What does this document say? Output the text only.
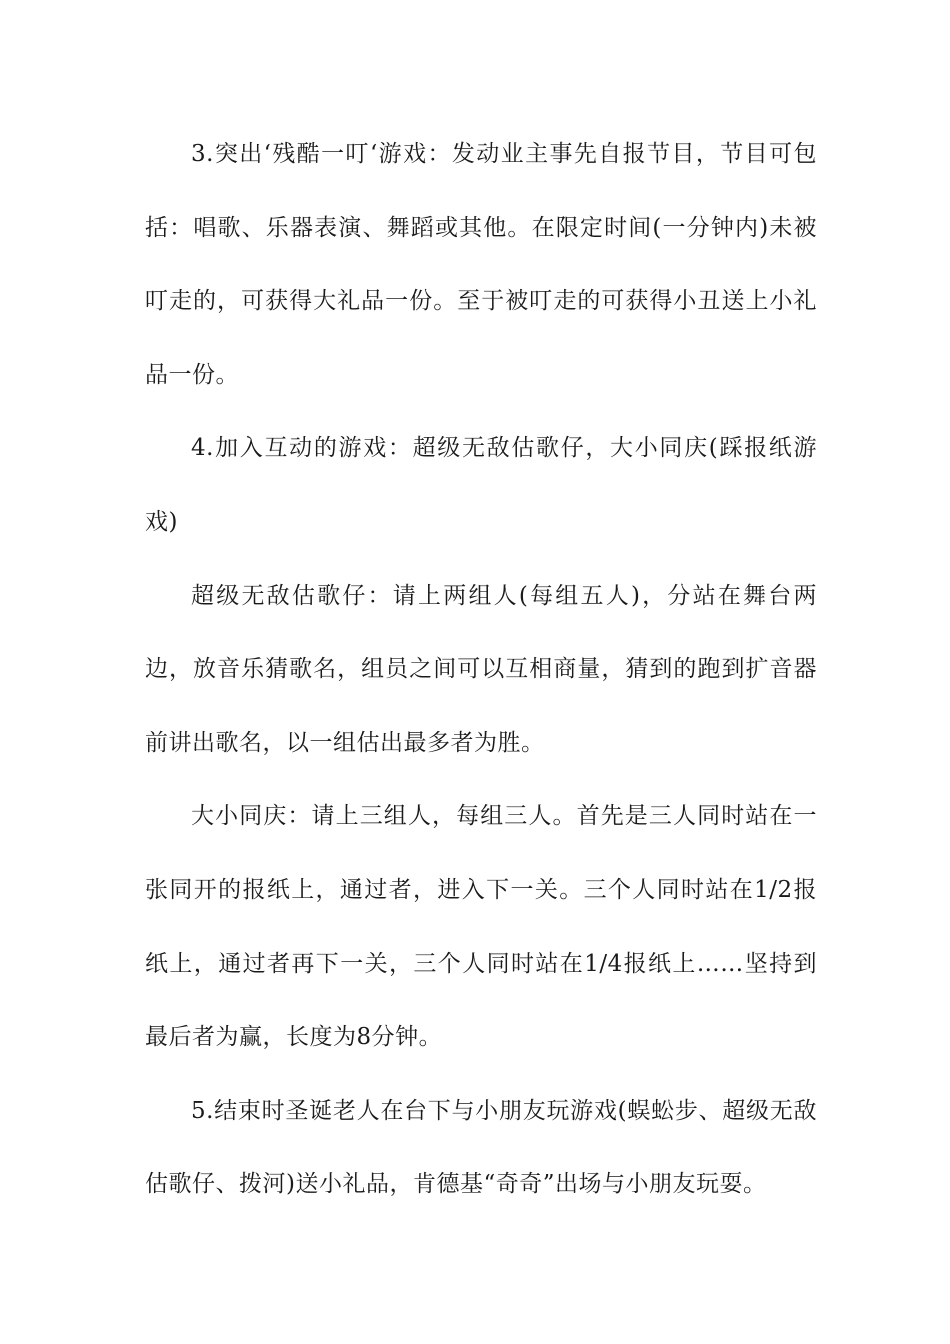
3.突出‘残酷一叮‘游戏：发动业主事先自报节目，节目可包括：唱歌、乐器表演、舞蹈或其他。在限定时间(一分钟内)未被叮走的，可获得大礼品一份。至于被叮走的可获得小丑送上小礼品一份。

4.加入互动的游戏：超级无敌估歌仔，大小同庆(踩报纸游戏)

超级无敌估歌仔：请上两组人(每组五人)，分站在舞台两边，放音乐猜歌名，组员之间可以互相商量，猜到的跑到扩音器前讲出歌名，以一组估出最多者为胜。

大小同庆：请上三组人，每组三人。首先是三人同时站在一张同开的报纸上，通过者，进入下一关。三个人同时站在1/2报纸上，通过者再下一关，三个人同时站在1/4报纸上……坚持到最后者为赢，长度为8分钟。

5.结束时圣诞老人在台下与小朋友玩游戏(蜈蚣步、超级无敌估歌仔、拨河)送小礼品，肯德基“奇奇”出场与小朋友玩耍。
